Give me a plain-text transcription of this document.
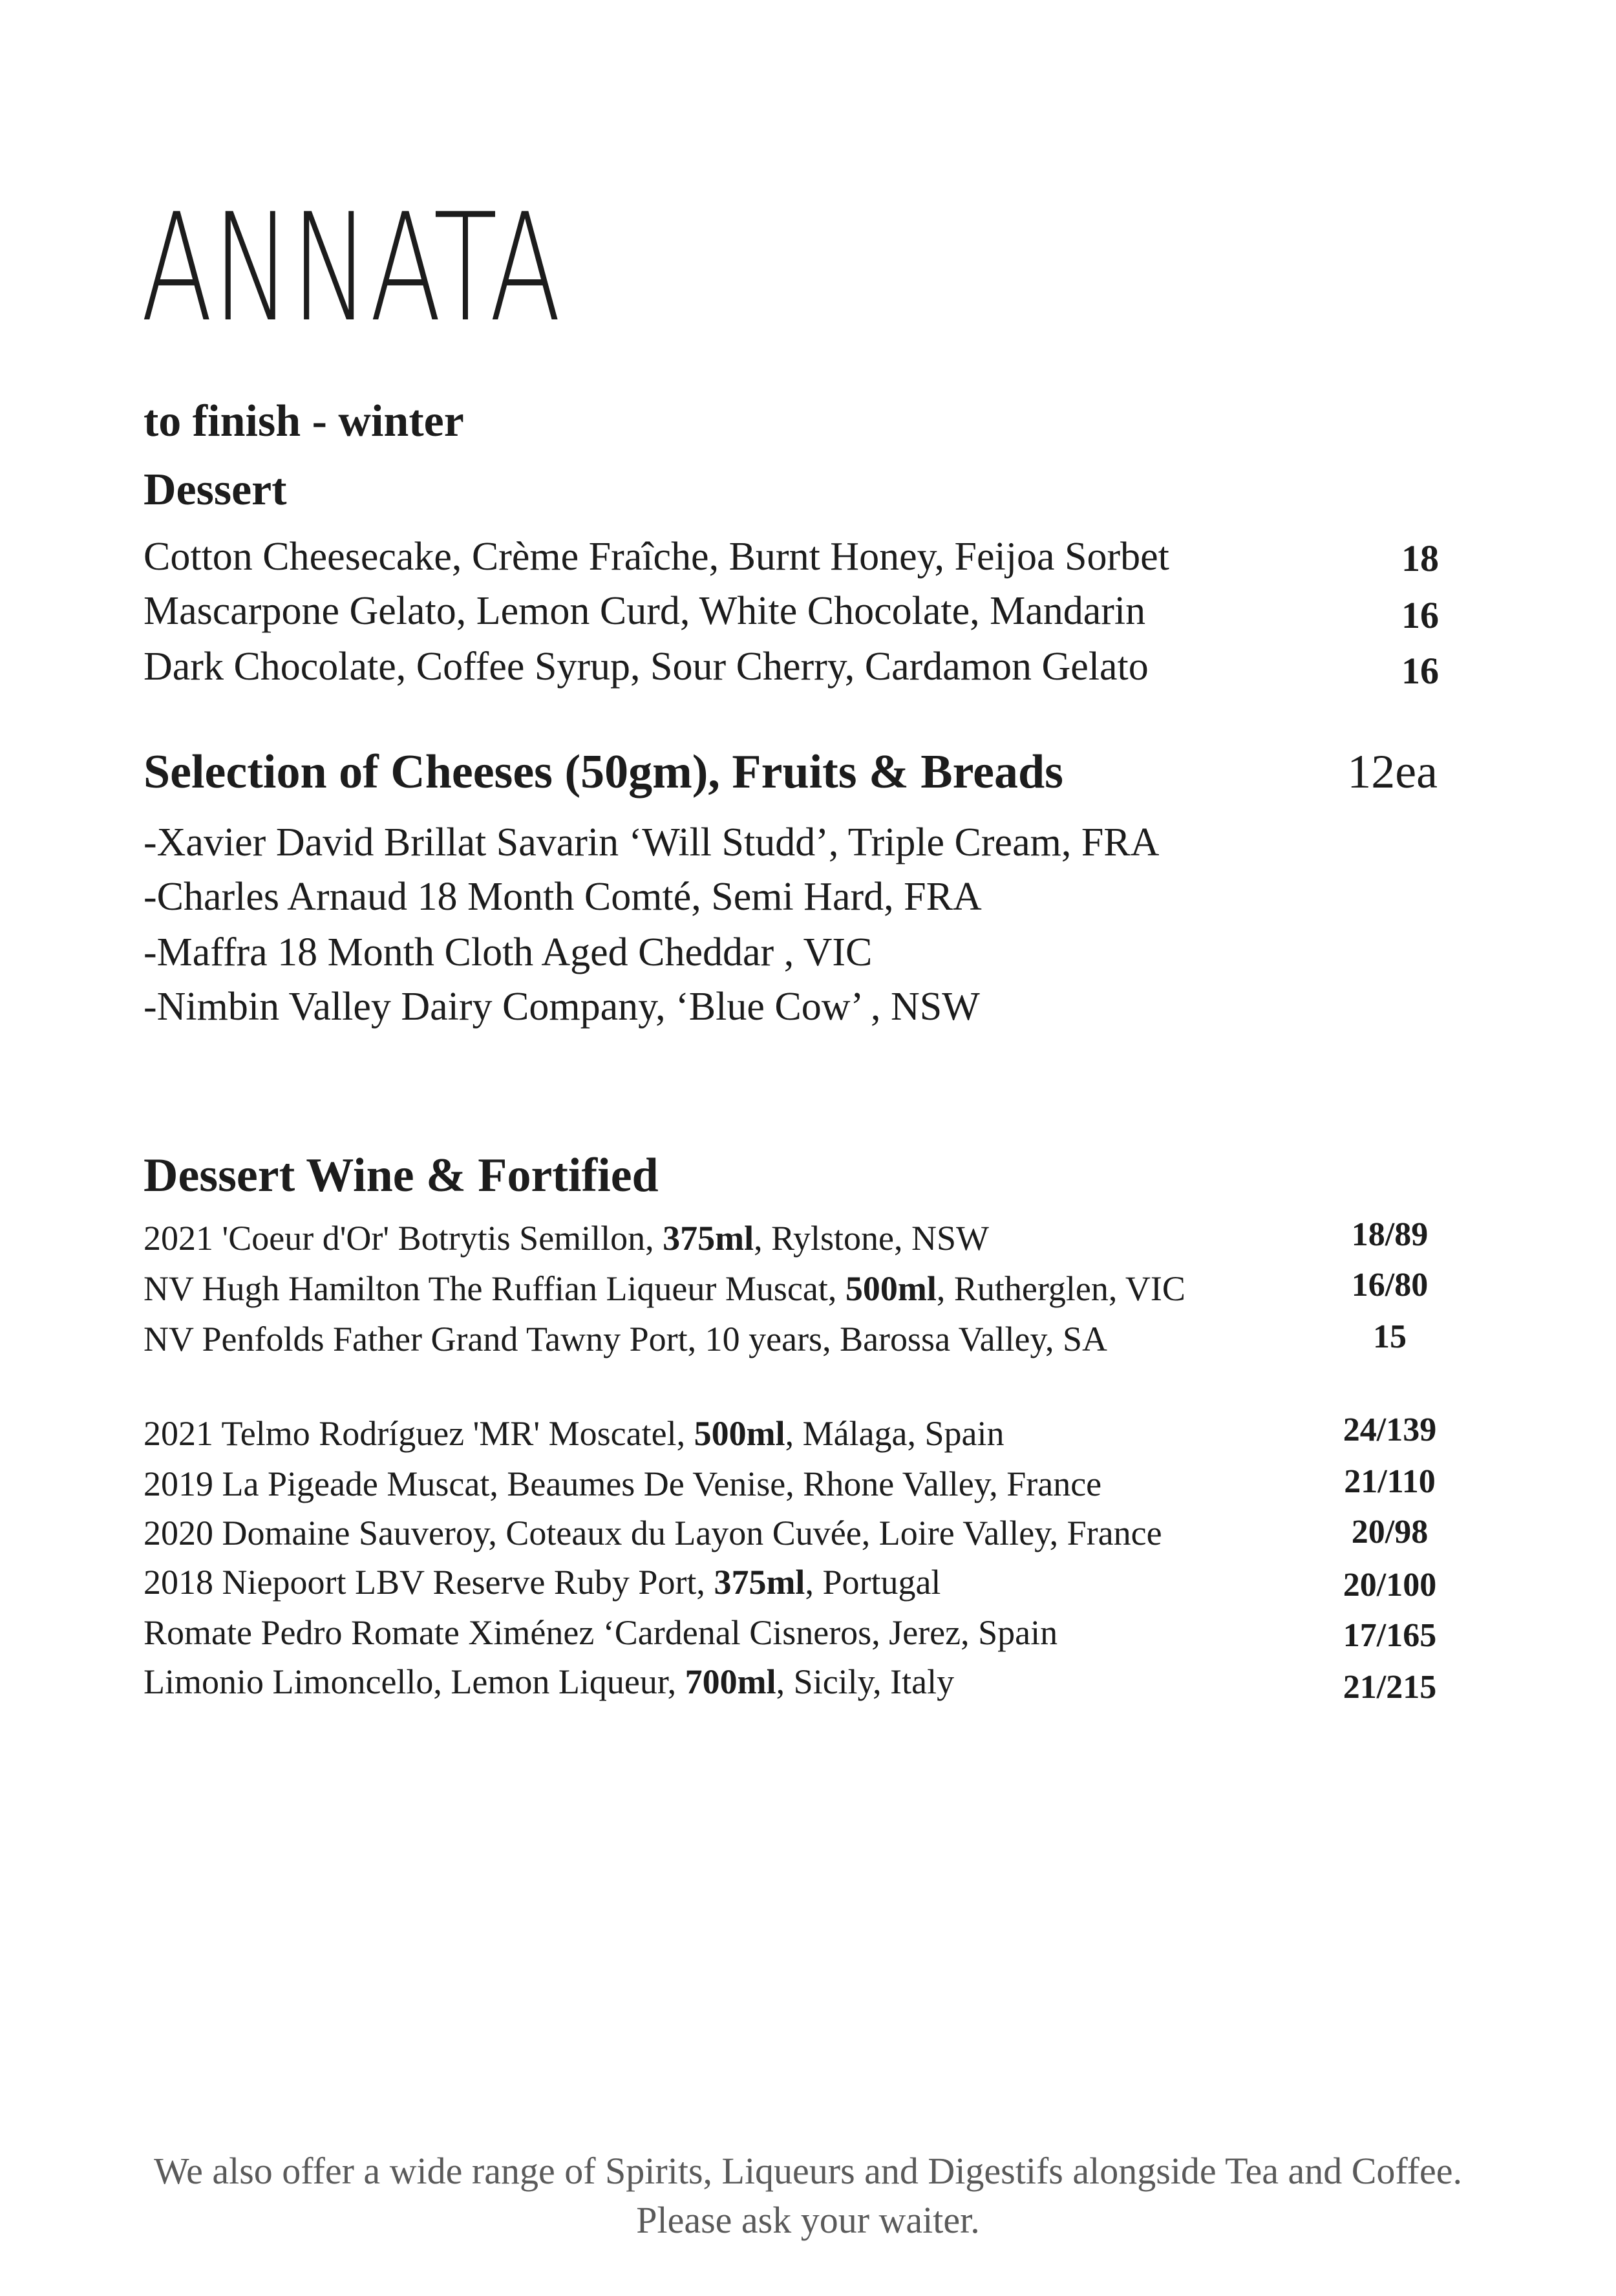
ANNATA
to finish - winter
Dessert
Cotton Cheesecake, Crème Fraîche, Burnt Honey, Feijoa Sorbet	18
Mascarpone Gelato, Lemon Curd, White Chocolate, Mandarin	16
Dark Chocolate, Coffee Syrup, Sour Cherry, Cardamon Gelato	16
Selection of Cheeses (50gm), Fruits & Breads	12ea
-Xavier David Brillat Savarin ‘Will Studd’, Triple Cream, FRA
-Charles Arnaud 18 Month Comté, Semi Hard, FRA
-Maffra 18 Month Cloth Aged Cheddar , VIC
-Nimbin Valley Dairy Company, ‘Blue Cow’ , NSW
Dessert Wine & Fortified
2021 'Coeur d'Or' Botrytis Semillon, 375ml, Rylstone, NSW	18/89
NV Hugh Hamilton The Ruffian Liqueur Muscat, 500ml, Rutherglen, VIC	16/80
NV Penfolds Father Grand Tawny Port, 10 years, Barossa Valley, SA	15
2021 Telmo Rodríguez 'MR' Moscatel, 500ml, Málaga, Spain	24/139
2019 La Pigeade Muscat, Beaumes De Venise, Rhone Valley, France	21/110
2020 Domaine Sauveroy, Coteaux du Layon Cuvée, Loire Valley, France	20/98
2018 Niepoort LBV Reserve Ruby Port, 375ml, Portugal	20/100
Romate Pedro Romate Ximénez ‘Cardenal Cisneros, Jerez, Spain	17/165
Limonio Limoncello, Lemon Liqueur, 700ml, Sicily, Italy	21/215
We also offer a wide range of Spirits, Liqueurs and Digestifs alongside Tea and Coffee.
Please ask your waiter.
